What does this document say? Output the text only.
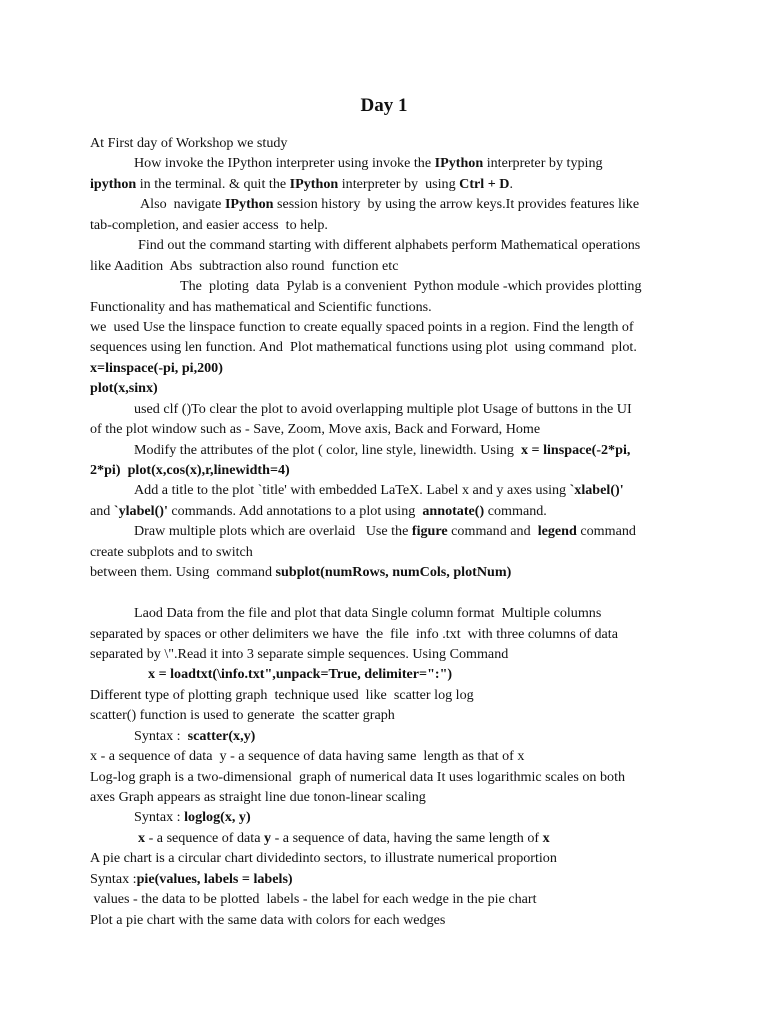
Day 1
At First day of Workshop we study
How invoke the IPython interpreter using invoke the IPython interpreter by typing
ipython in the terminal. & quit the IPython interpreter by  using Ctrl + D.
Also  navigate IPython session history  by using the arrow keys.It provides features like
tab-completion, and easier access  to help.
Find out the command starting with different alphabets perform Mathematical operations
like Aadition  Abs  subtraction also round  function etc
The  ploting  data  Pylab is a convenient  Python module -which provides plotting
Functionality and has mathematical and Scientific functions.
we  used Use the linspace function to create equally spaced points in a region. Find the length of
sequences using len function. And  Plot mathematical functions using plot  using command  plot.
x=linspace(-pi, pi,200)
plot(x,sinx)
used clf ()To clear the plot to avoid overlapping multiple plot Usage of buttons in the UI
of the plot window such as - Save, Zoom, Move axis, Back and Forward, Home
Modify the attributes of the plot ( color, line style, linewidth. Using  x = linspace(-2*pi,
2*pi)  plot(x,cos(x),r,linewidth=4)
Add a title to the plot `title' with embedded LaTeX. Label x and y axes using `xlabel()'
and `ylabel()' commands. Add annotations to a plot using  annotate() command.
Draw multiple plots which are overlaid   Use the figure command and  legend command
create subplots and to switch
between them. Using  command subplot(numRows, numCols, plotNum)
Laod Data from the file and plot that data Single column format  Multiple columns
separated by spaces or other delimiters we have  the  file  info .txt  with three columns of data
separated by \".Read it into 3 separate simple sequences. Using Command
x = loadtxt(\info.txt",unpack=True, delimiter=":")
Different type of plotting graph  technique used  like  scatter log log
scatter() function is used to generate  the scatter graph
Syntax :  scatter(x,y)
x - a sequence of data  y - a sequence of data having same  length as that of x
Log-log graph is a two-dimensional  graph of numerical data It uses logarithmic scales on both
axes Graph appears as straight line due tonon-linear scaling
Syntax : loglog(x, y)
x - a sequence of data y - a sequence of data, having the same length of x
A pie chart is a circular chart dividedinto sectors, to illustrate numerical proportion
Syntax :pie(values, labels = labels)
values - the data to be plotted  labels - the label for each wedge in the pie chart
Plot a pie chart with the same data with colors for each wedges
